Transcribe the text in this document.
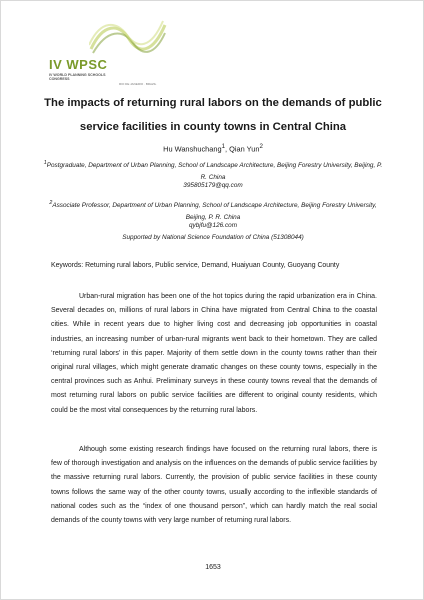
IV WPSC
IV WORLD PLANNING SCHOOLS CONGRESS
RIO DE JANEIRO · BRAZIL
The impacts of returning rural labors on the demands of public service facilities in county towns in Central China
Hu Wanshuchang$^1$, Qian Yun$^2$
$^1$Postgraduate, Department of Urban Planning, School of Landscape Architecture, Beijing Forestry University, Beijing, P. R. China
395805179@qq.com
$^2$Associate Professor, Department of Urban Planning, School of Landscape Architecture, Beijing Forestry University, Beijing, P. R. China
qybjfu@126.com
Supported by National Science Foundation of China (51308044)
Keywords: Returning rural labors, Public service, Demand, Huaiyuan County, Guoyang County

Urban-rural migration has been one of the hot topics during the rapid urbanization era in China. Several decades on, millions of rural labors in China have migrated from Central China to the coastal cities. While in recent years due to higher living cost and decreasing job opportunities in coastal industries, an increasing number of urban-rural migrants went back to their hometown. They are called ‘returning rural labors’ in this paper. Majority of them settle down in the county towns rather than their original rural villages, which might generate dramatic changes on these county towns, especially in the central provinces such as Anhui. Preliminary surveys in these county towns reveal that the demands of most returning rural labors on public service facilities are different to original county residents, which could be the most vital consequences by the returning rural labors.

Although some existing research findings have focused on the returning rural labors, there is few of thorough investigation and analysis on the influences on the demands of public service facilities by the massive returning rural labors. Currently, the provision of public service facilities in these county towns follows the same way of the other county towns, usually according to the inflexible standards of national codes such as the “index of one thousand person”, which can hardly match the real social demands of the county towns with very large number of returning rural labors.

1653
